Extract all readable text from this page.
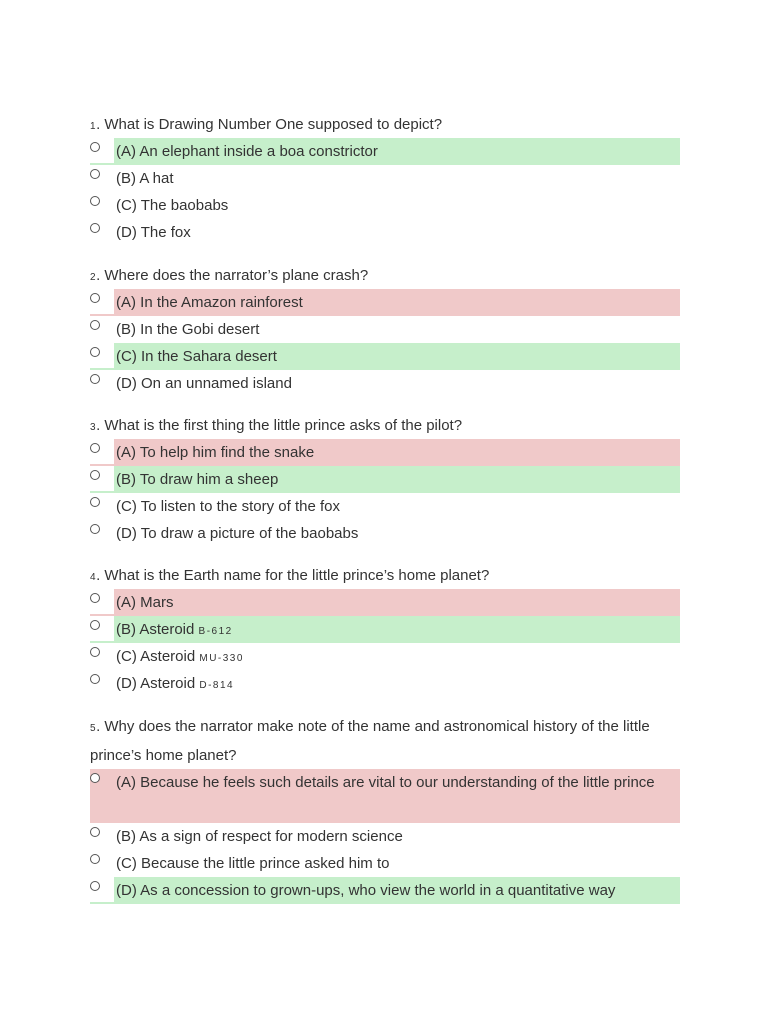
1. What is Drawing Number One supposed to depict?

(A) An elephant inside a boa constrictor
(B) A hat
(C) The baobabs
(D) The fox

2. Where does the narrator’s plane crash?

(A) In the Amazon rainforest
(B) In the Gobi desert
(C) In the Sahara desert
(D) On an unnamed island

3. What is the first thing the little prince asks of the pilot?

(A) To help him find the snake
(B) To draw him a sheep
(C) To listen to the story of the fox
(D) To draw a picture of the baobabs

4. What is the Earth name for the little prince’s home planet?

(A) Mars
(B) Asteroid B-612
(C) Asteroid MU-330
(D) Asteroid D-814

5. Why does the narrator make note of the name and astronomical history of the little prince’s home planet?

(A) Because he feels such details are vital to our understanding of the little prince
(B) As a sign of respect for modern science
(C) Because the little prince asked him to
(D) As a concession to grown-ups, who view the world in a quantitative way
